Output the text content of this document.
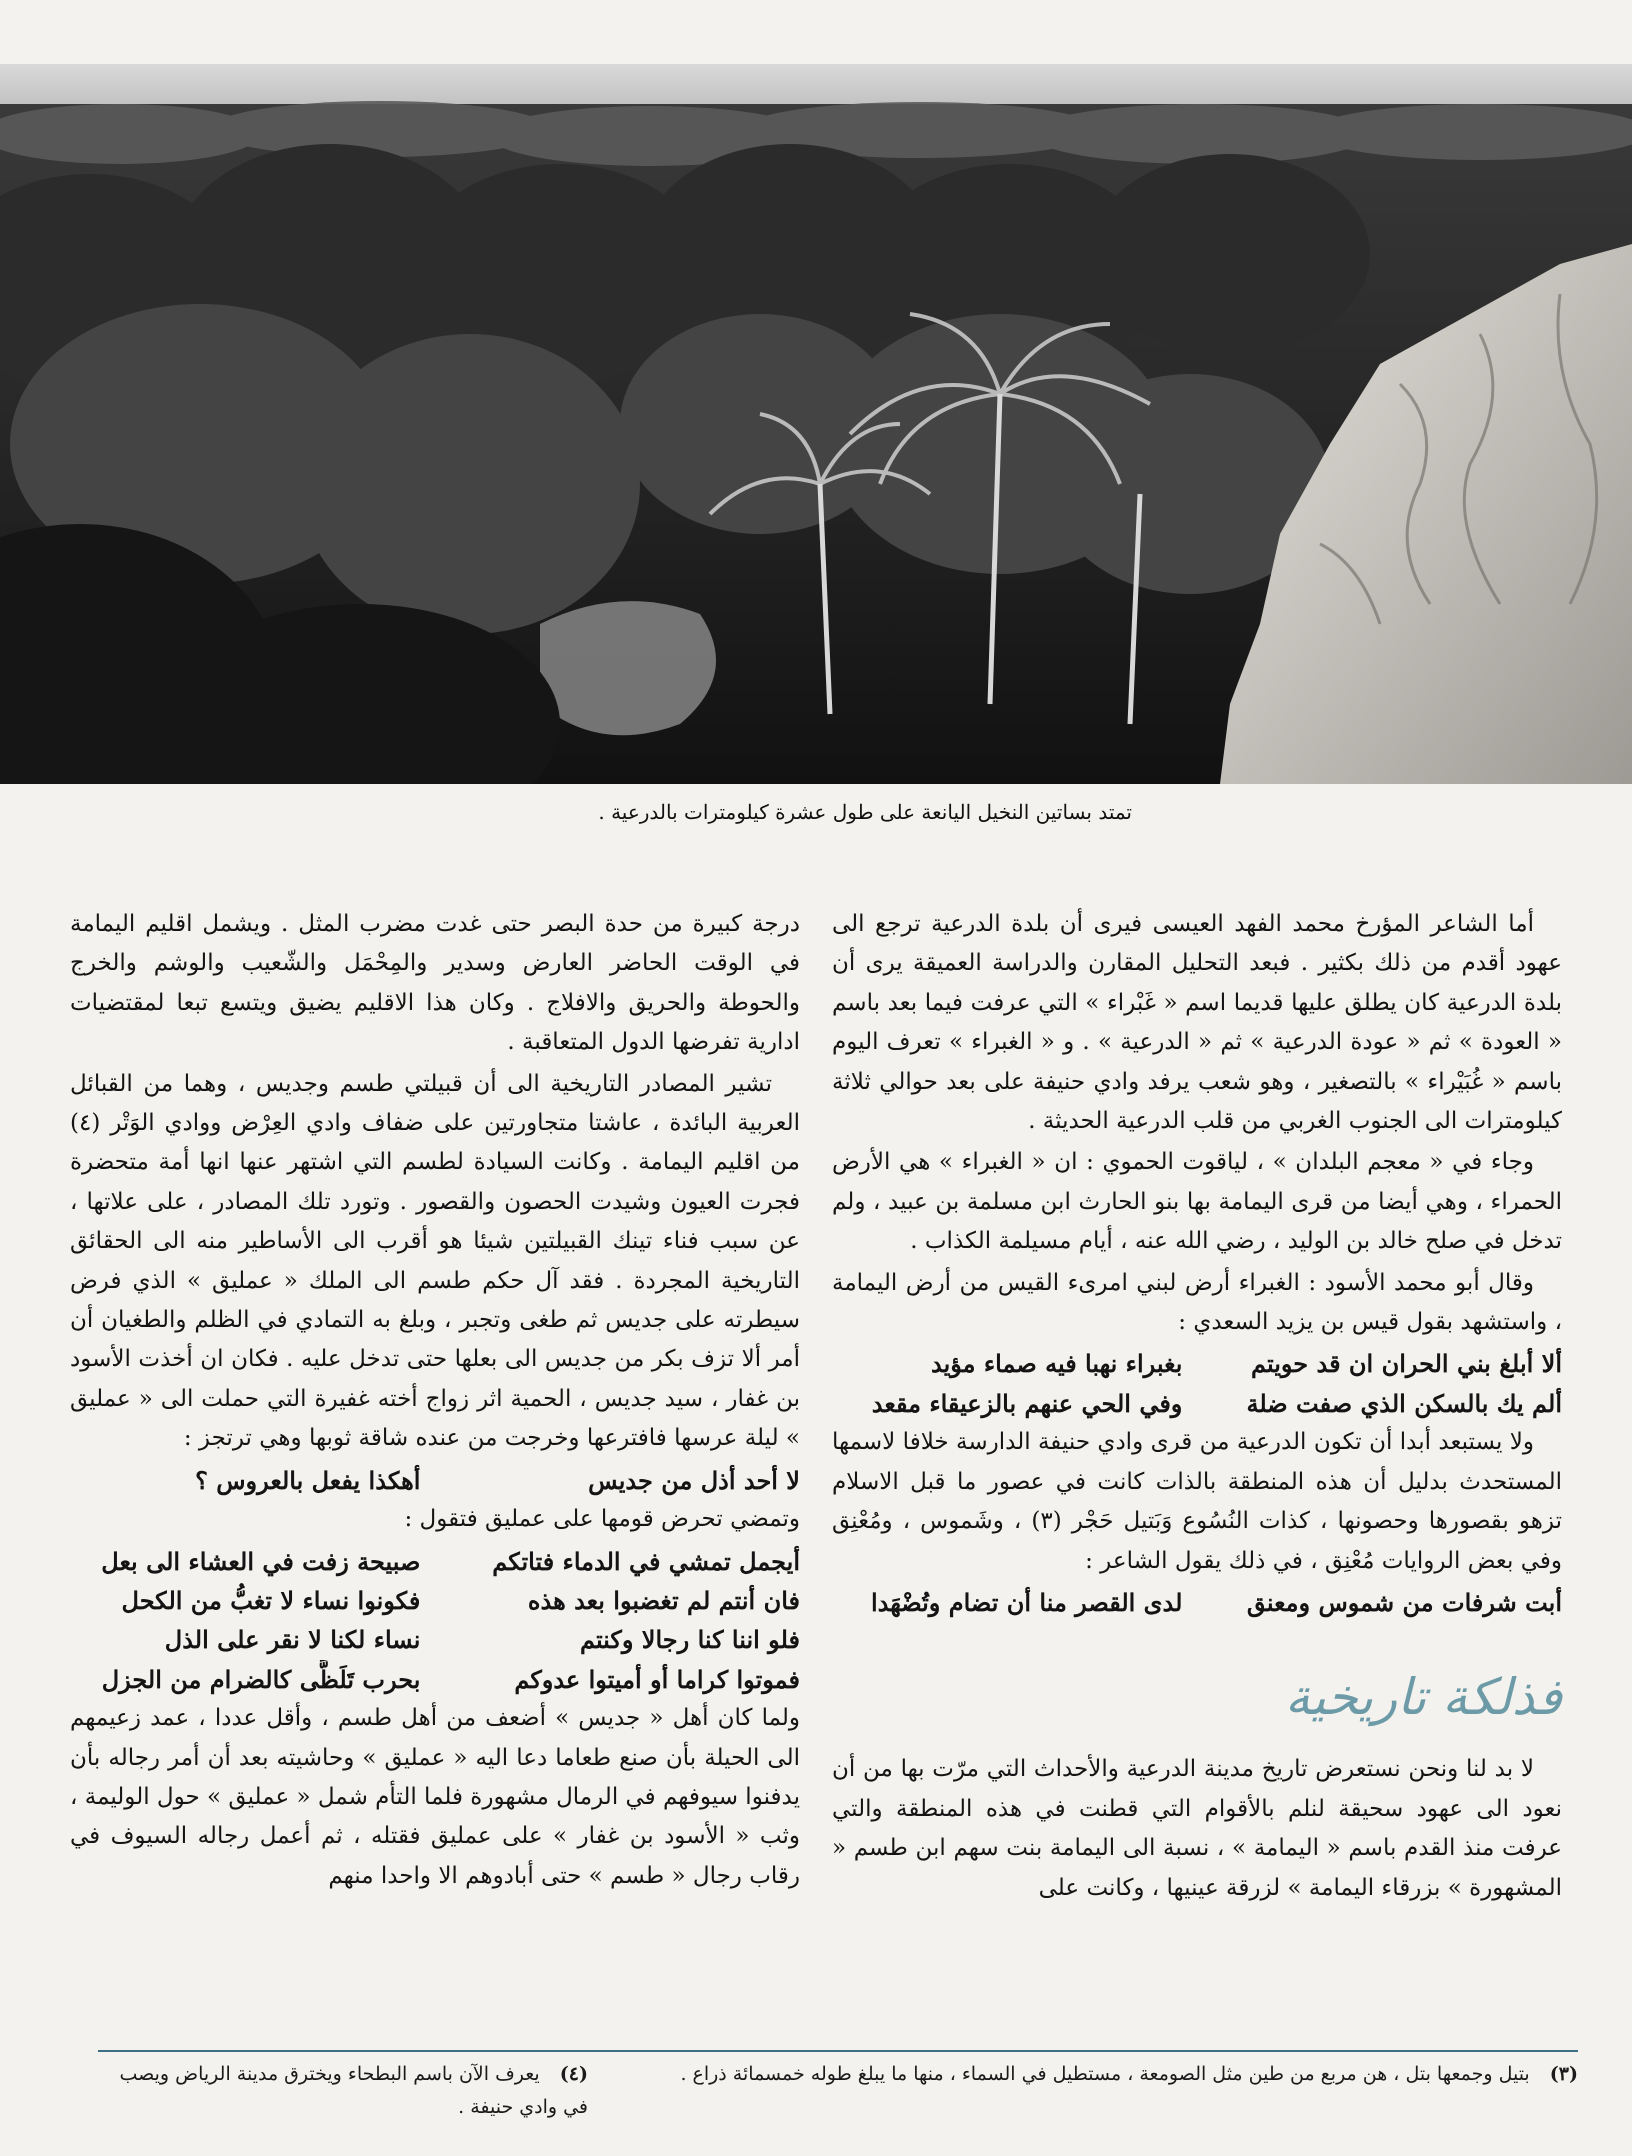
تمتد بساتين النخيل اليانعة على طول عشرة كيلومترات بالدرعية .

أما الشاعر المؤرخ محمد الفهد العيسى فيرى أن بلدة الدرعية ترجع الى عهود أقدم من ذلك بكثير . فبعد التحليل المقارن والدراسة العميقة يرى أن بلدة الدرعية كان يطلق عليها قديما اسم « غَبْراء » التي عرفت فيما بعد باسم « العودة » ثم « عودة الدرعية » ثم « الدرعية » . و « الغبراء » تعرف اليوم باسم « غُبَيْراء » بالتصغير ، وهو شعب يرفد وادي حنيفة على بعد حوالي ثلاثة كيلومترات الى الجنوب الغربي من قلب الدرعية الحديثة .

وجاء في « معجم البلدان » ، لياقوت الحموي : ان « الغبراء » هي الأرض الحمراء ، وهي أيضا من قرى اليمامة بها بنو الحارث ابن مسلمة بن عبيد ، ولم تدخل في صلح خالد بن الوليد ، رضي الله عنه ، أيام مسيلمة الكذاب .

وقال أبو محمد الأسود : الغبراء أرض لبني امرىء القيس من أرض اليمامة ، واستشهد بقول قيس بن يزيد السعدي :

ألا أبلغ بني الحران ان قد حويتم
بغبراء نهبا فيه صماء مؤيد
ألم يك بالسكن الذي صفت ضلة
وفي الحي عنهم بالزعيقاء مقعد

ولا يستبعد أبدا أن تكون الدرعية من قرى وادي حنيفة الدارسة خلافا لاسمها المستحدث بدليل أن هذه المنطقة بالذات كانت في عصور ما قبل الاسلام تزهو بقصورها وحصونها ، كذات النُسُوع وَبَتيل حَجْر (٣) ، وشَموس ، ومُعْنِق وفي بعض الروايات مُعْنِق ، في ذلك يقول الشاعر :

أبت شرفات من شموس ومعنق
لدى القصر منا أن تضام وتُضْهَدا
فذلكة تاريخية

لا بد لنا ونحن نستعرض تاريخ مدينة الدرعية والأحداث التي مرّت بها من أن نعود الى عهود سحيقة لنلم بالأقوام التي قطنت في هذه المنطقة والتي عرفت منذ القدم باسم « اليمامة » ، نسبة الى اليمامة بنت سهم ابن طسم « المشهورة » بزرقاء اليمامة » لزرقة عينيها ، وكانت على

درجة كبيرة من حدة البصر حتى غدت مضرب المثل . ويشمل اقليم اليمامة في الوقت الحاضر العارض وسدير والمِحْمَل والشّعيب والوشم والخرج والحوطة والحريق والافلاج . وكان هذا الاقليم يضيق ويتسع تبعا لمقتضيات ادارية تفرضها الدول المتعاقبة .

تشير المصادر التاريخية الى أن قبيلتي طسم وجديس ، وهما من القبائل العربية البائدة ، عاشتا متجاورتين على ضفاف وادي العِرْض ووادي الوَتْر (٤) من اقليم اليمامة . وكانت السيادة لطسم التي اشتهر عنها انها أمة متحضرة فجرت العيون وشيدت الحصون والقصور . وتورد تلك المصادر ، على علاتها ، عن سبب فناء تينك القبيلتين شيئا هو أقرب الى الأساطير منه الى الحقائق التاريخية المجردة . فقد آل حكم طسم الى الملك « عمليق » الذي فرض سيطرته على جديس ثم طغى وتجبر ، وبلغ به التمادي في الظلم والطغيان أن أمر ألا تزف بكر من جديس الى بعلها حتى تدخل عليه . فكان ان أخذت الأسود بن غفار ، سيد جديس ، الحمية اثر زواج أخته غفيرة التي حملت الى « عمليق » ليلة عرسها فافترعها وخرجت من عنده شاقة ثوبها وهي ترتجز :

لا أحد أذل من جديس
أهكذا يفعل بالعروس ؟

وتمضي تحرض قومها على عمليق فتقول :

أيجمل تمشي في الدماء فتاتكم
صبيحة زفت في العشاء الى بعل
فان أنتم لم تغضبوا بعد هذه
فكونوا نساء لا تغبُّ من الكحل
فلو اننا كنا رجالا وكنتم
نساء لكنا لا نقر على الذل
فموتوا كراما أو أميتوا عدوكم
بحرب تَلَظَّى كالضرام من الجزل

ولما كان أهل « جديس » أضعف من أهل طسم ، وأقل عددا ، عمد زعيمهم الى الحيلة بأن صنع طعاما دعا اليه « عمليق » وحاشيته بعد أن أمر رجاله بأن يدفنوا سيوفهم في الرمال مشهورة فلما التأم شمل « عمليق » حول الوليمة ، وثب « الأسود بن غفار » على عمليق فقتله ، ثم أعمل رجاله السيوف في رقاب رجال « طسم » حتى أبادوهم الا واحدا منهم

(٣) بتيل وجمعها بتل ، هن مربع من طين مثل الصومعة ، مستطيل في السماء ، منها ما يبلغ طوله خمسمائة ذراع .
(٤) يعرف الآن باسم البطحاء ويخترق مدينة الرياض ويصب في وادي حنيفة .
